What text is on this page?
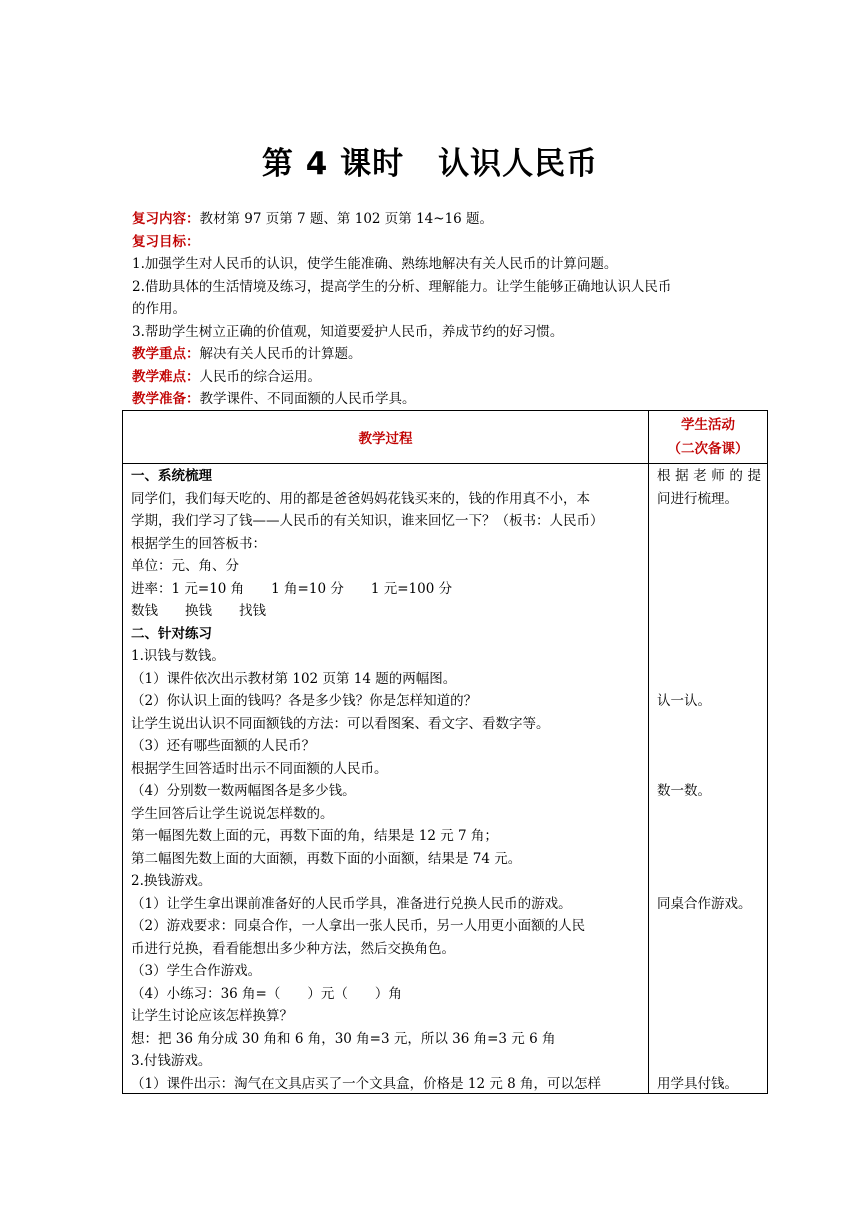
第 4 课时 认识人民币
复习内容：教材第 97 页第 7 题、第 102 页第 14~16 题。
复习目标：
1.加强学生对人民币的认识，使学生能准确、熟练地解决有关人民币的计算问题。
2.借助具体的生活情境及练习，提高学生的分析、理解能力。让学生能够正确地认识人民币
的作用。
3.帮助学生树立正确的价值观，知道要爱护人民币，养成节约的好习惯。
教学重点：解决有关人民币的计算题。
教学难点：人民币的综合运用。
教学准备：教学课件、不同面额的人民币学具。
教学过程
学生活动
（二次备课）
一、系统梳理
同学们，我们每天吃的、用的都是爸爸妈妈花钱买来的，钱的作用真不小，本
学期，我们学习了钱——人民币的有关知识，谁来回忆一下？（板书：人民币）
根据学生的回答板书：
单位：元、角、分
进率：1 元=10 角　　1 角=10 分　　1 元=100 分
数钱　　换钱　　找钱
二、针对练习
1.识钱与数钱。
（1）课件依次出示教材第 102 页第 14 题的两幅图。
（2）你认识上面的钱吗？各是多少钱？你是怎样知道的？
让学生说出认识不同面额钱的方法：可以看图案、看文字、看数字等。
（3）还有哪些面额的人民币？
根据学生回答适时出示不同面额的人民币。
（4）分别数一数两幅图各是多少钱。
学生回答后让学生说说怎样数的。
第一幅图先数上面的元，再数下面的角，结果是 12 元 7 角；
第二幅图先数上面的大面额，再数下面的小面额，结果是 74 元。
2.换钱游戏。
（1）让学生拿出课前准备好的人民币学具，准备进行兑换人民币的游戏。
（2）游戏要求：同桌合作，一人拿出一张人民币，另一人用更小面额的人民
币进行兑换，看看能想出多少种方法，然后交换角色。
（3）学生合作游戏。
（4）小练习：36 角=（　　）元（　　）角
让学生讨论应该怎样换算？
想：把 36 角分成 30 角和 6 角，30 角=3 元，所以 36 角=3 元 6 角
3.付钱游戏。
（1）课件出示：淘气在文具店买了一个文具盒，价格是 12 元 8 角，可以怎样
根 据 老 师 的 提
问进行梳理。
认一认。
数一数。
同桌合作游戏。
用学具付钱。
